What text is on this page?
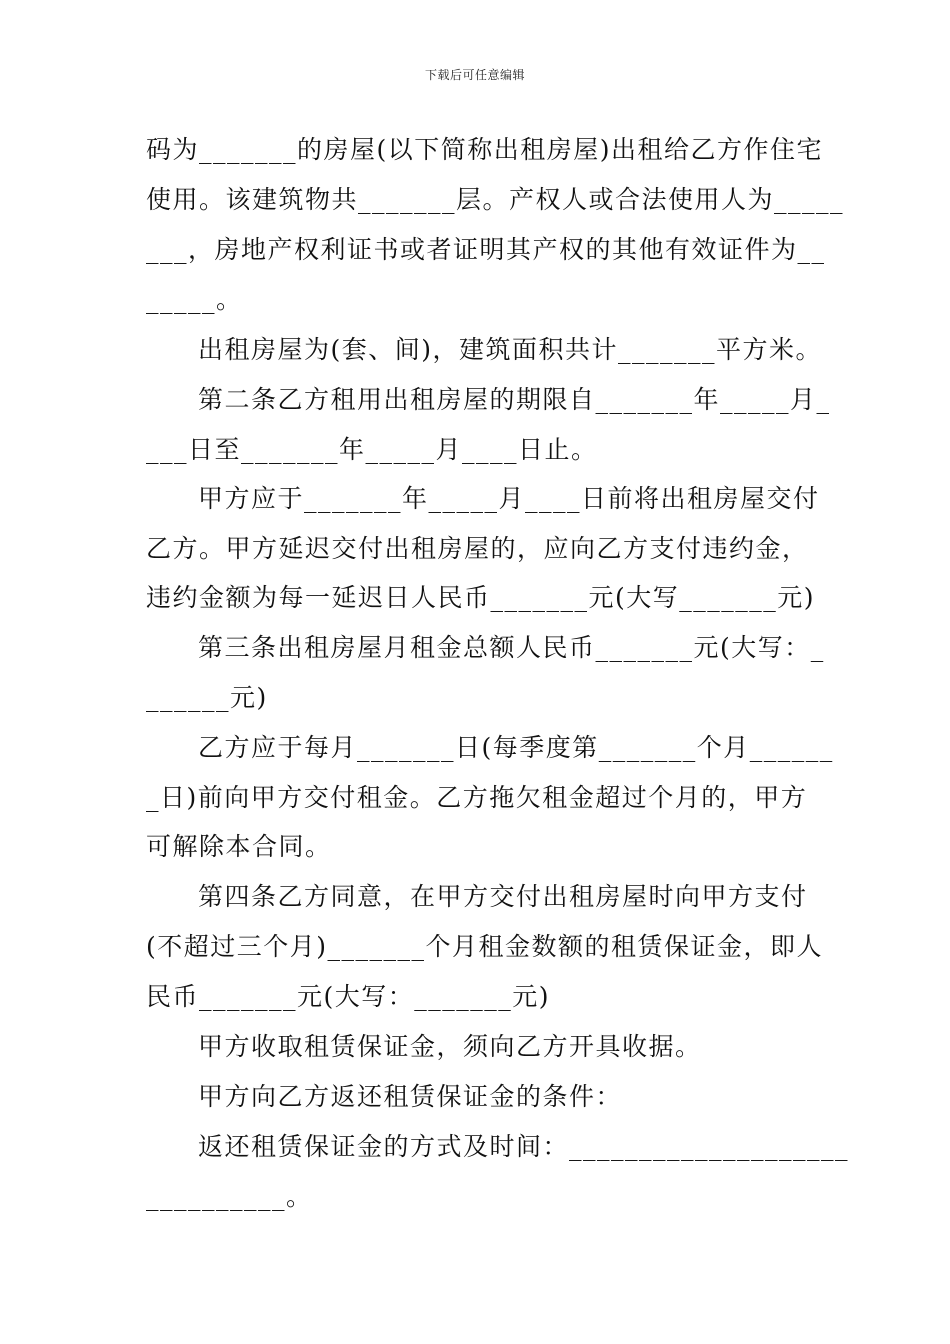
下载后可任意编辑
码为_______的房屋(以下简称出租房屋)出租给乙方作住宅
使用。该建筑物共_______层。产权人或合法使用人为_____
___，房地产权利证书或者证明其产权的其他有效证件为__
_____。
出租房屋为(套、间)，建筑面积共计_______平方米。
第二条乙方租用出租房屋的期限自_______年_____月_
___日至_______年_____月____日止。
甲方应于_______年_____月____日前将出租房屋交付
乙方。甲方延迟交付出租房屋的，应向乙方支付违约金，
违约金额为每一延迟日人民币_______元(大写_______元)
第三条出租房屋月租金总额人民币_______元(大写：_
______元)
乙方应于每月_______日(每季度第_______个月______
_日)前向甲方交付租金。乙方拖欠租金超过个月的，甲方
可解除本合同。
第四条乙方同意，在甲方交付出租房屋时向甲方支付
(不超过三个月)_______个月租金数额的租赁保证金，即人
民币_______元(大写：_______元)
甲方收取租赁保证金，须向乙方开具收据。
甲方向乙方返还租赁保证金的条件：
返还租赁保证金的方式及时间：____________________
__________。
